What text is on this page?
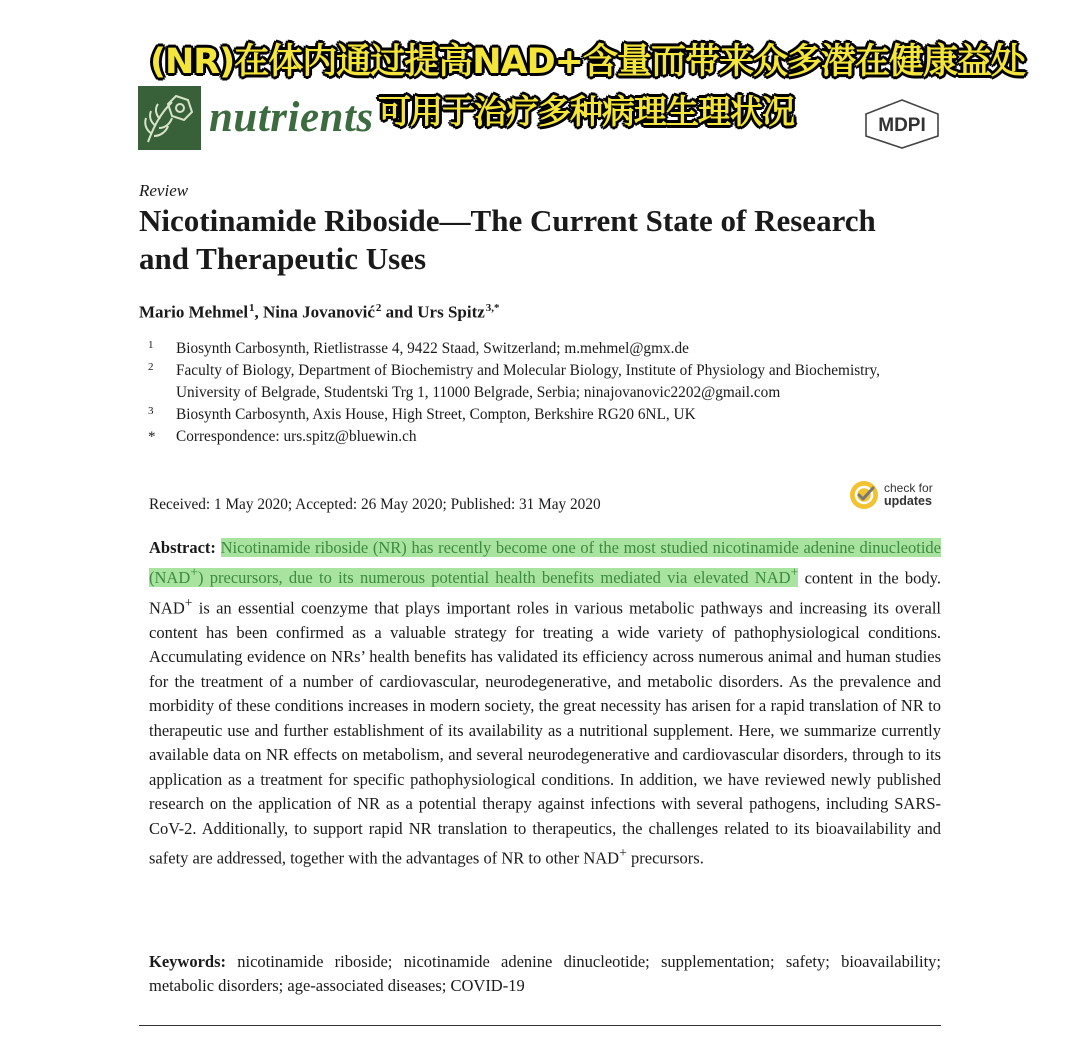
(NR)在体内通过提高NAD+含量而带来众多潜在健康益处
可用于治疗多种病理生理状况
nutrients	MDPI
Review
Nicotinamide Riboside—The Current State of Research and Therapeutic Uses
Mario Mehmel $^1$, Nina Jovanović $^2$ and Urs Spitz $^{3,*}$
1	Biosynth Carbosynth, Rietlistrasse 4, 9422 Staad, Switzerland; m.mehmel@gmx.de
2	Faculty of Biology, Department of Biochemistry and Molecular Biology, Institute of Physiology and Biochemistry, University of Belgrade, Studentski Trg 1, 11000 Belgrade, Serbia; ninajovanovic2202@gmail.com
3	Biosynth Carbosynth, Axis House, High Street, Compton, Berkshire RG20 6NL, UK
*	Correspondence: urs.spitz@bluewin.ch
Received: 1 May 2020; Accepted: 26 May 2020; Published: 31 May 2020
check for
updates
Abstract: Nicotinamide riboside (NR) has recently become one of the most studied nicotinamide adenine dinucleotide (NAD+) precursors, due to its numerous potential health benefits mediated via elevated NAD+ content in the body. NAD+ is an essential coenzyme that plays important roles in various metabolic pathways and increasing its overall content has been confirmed as a valuable strategy for treating a wide variety of pathophysiological conditions. Accumulating evidence on NRs’ health benefits has validated its efficiency across numerous animal and human studies for the treatment of a number of cardiovascular, neurodegenerative, and metabolic disorders. As the prevalence and morbidity of these conditions increases in modern society, the great necessity has arisen for a rapid translation of NR to therapeutic use and further establishment of its availability as a nutritional supplement. Here, we summarize currently available data on NR effects on metabolism, and several neurodegenerative and cardiovascular disorders, through to its application as a treatment for specific pathophysiological conditions. In addition, we have reviewed newly published research on the application of NR as a potential therapy against infections with several pathogens, including SARS-CoV-2. Additionally, to support rapid NR translation to therapeutics, the challenges related to its bioavailability and safety are addressed, together with the advantages of NR to other NAD+ precursors.
Keywords: nicotinamide riboside; nicotinamide adenine dinucleotide; supplementation; safety; bioavailability; metabolic disorders; age-associated diseases; COVID-19
